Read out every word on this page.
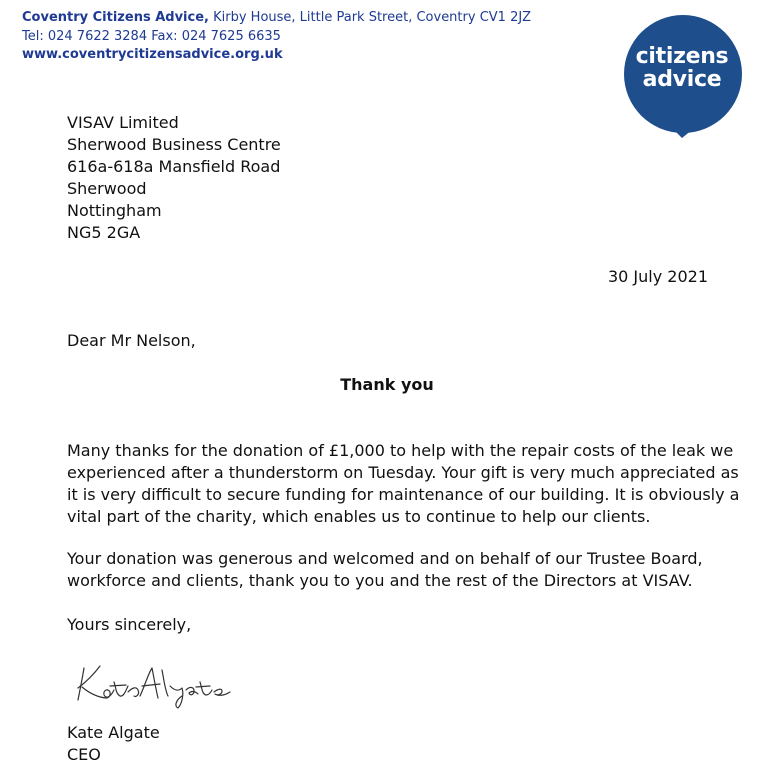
Coventry Citizens Advice, Kirby House, Little Park Street, Coventry CV1 2JZ
Tel: 024 7622 3284 Fax: 024 7625 6635
www.coventrycitizensadvice.org.uk	citizens
advice
VISAV Limited
Sherwood Business Centre
616a-618a Mansfield Road
Sherwood
Nottingham
NG5 2GA
30 July 2021
Dear Mr Nelson,
Thank you
Many thanks for the donation of £1,000 to help with the repair costs of the leak we
experienced after a thunderstorm on Tuesday. Your gift is very much appreciated as
it is very difficult to secure funding for maintenance of our building. It is obviously a
vital part of the charity, which enables us to continue to help our clients.
Your donation was generous and welcomed and on behalf of our Trustee Board,
workforce and clients, thank you to you and the rest of the Directors at VISAV.
Yours sincerely,
Kate Algate
CEO
